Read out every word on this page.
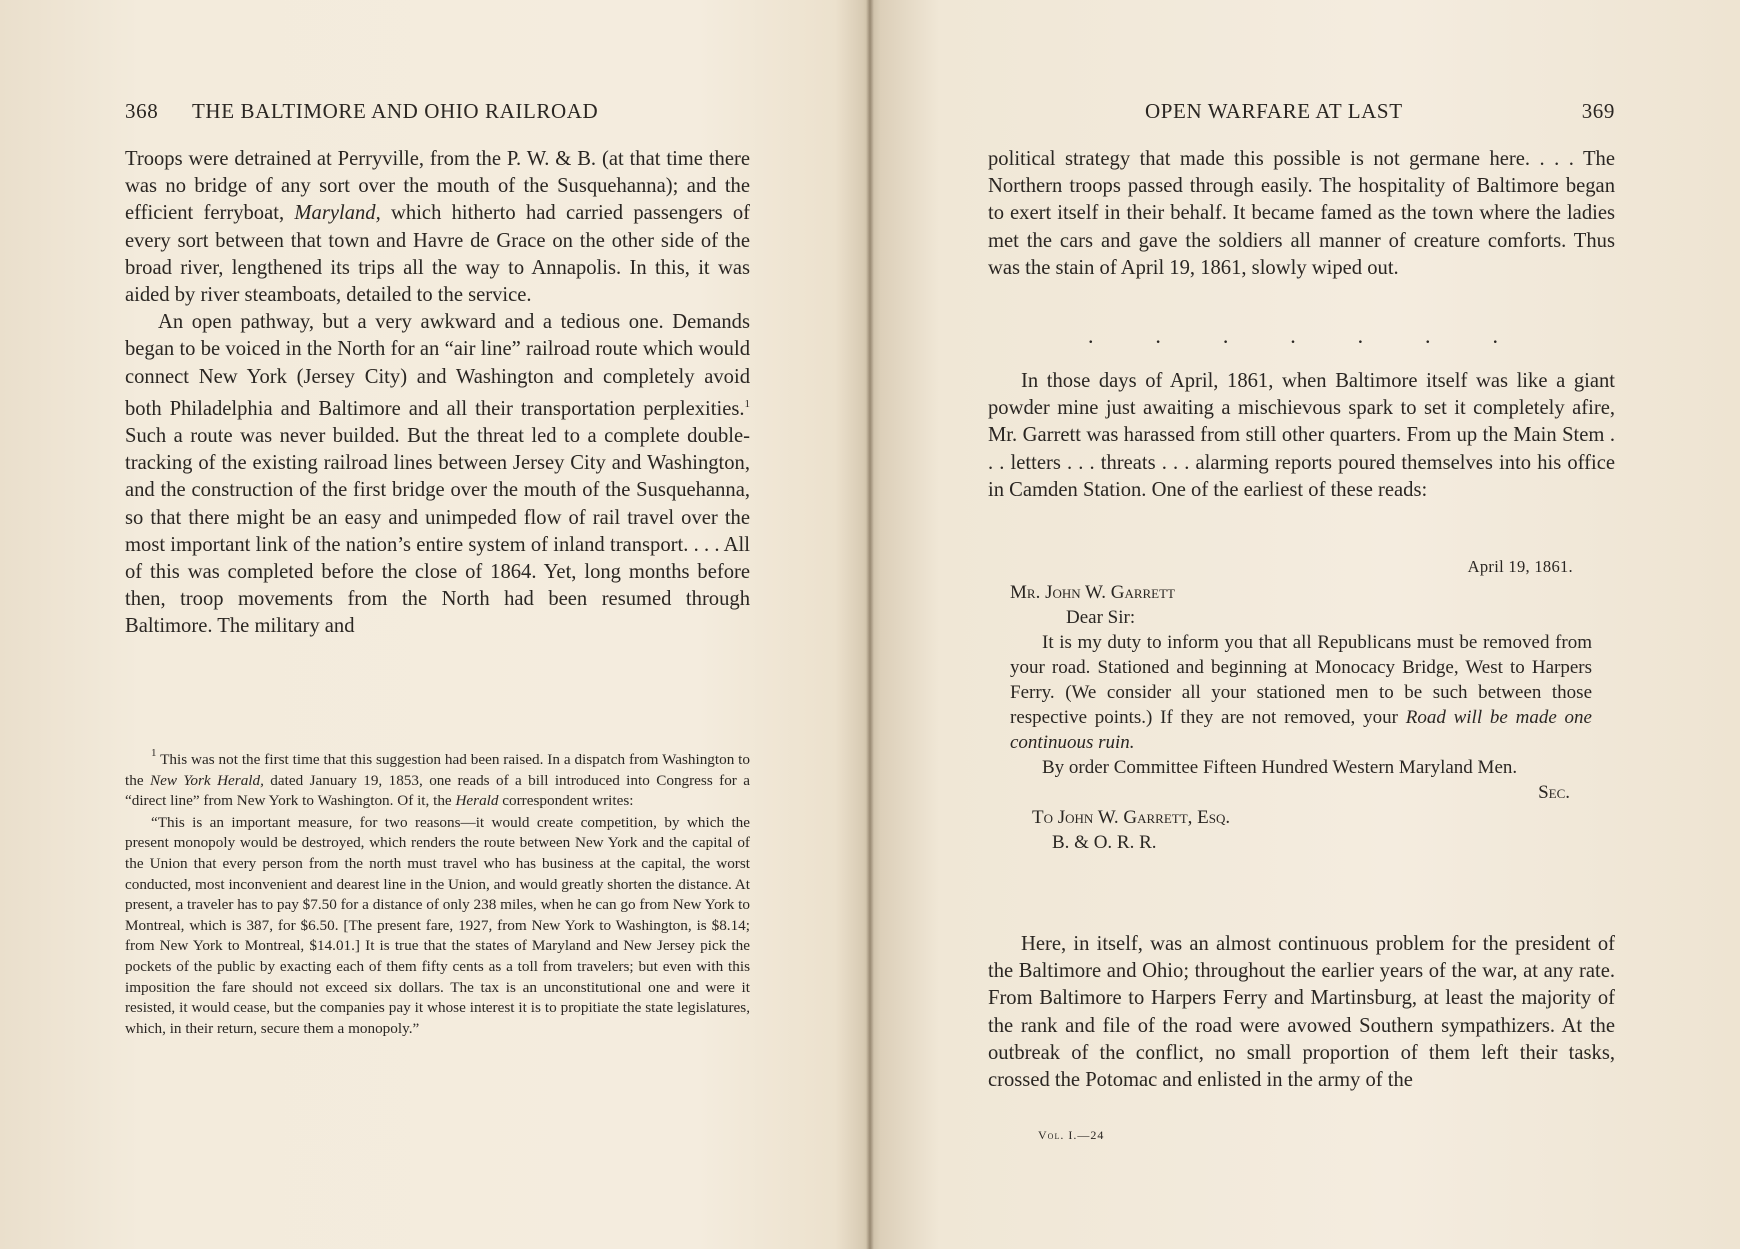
368 THE BALTIMORE AND OHIO RAILROAD

Troops were detrained at Perryville, from the P. W. & B. (at that time there was no bridge of any sort over the mouth of the Susquehanna); and the efficient ferryboat, Maryland, which hitherto had carried passengers of every sort between that town and Havre de Grace on the other side of the broad river, lengthened its trips all the way to Annapolis. In this, it was aided by river steamboats, detailed to the service.

An open pathway, but a very awkward and a tedious one. Demands began to be voiced in the North for an “air line” railroad route which would connect New York (Jersey City) and Washington and completely avoid both Philadelphia and Baltimore and all their transportation perplexities.$^1$ Such a route was never builded. But the threat led to a complete double-tracking of the existing railroad lines between Jersey City and Washington, and the construction of the first bridge over the mouth of the Susquehanna, so that there might be an easy and unimpeded flow of rail travel over the most important link of the nation’s entire system of inland transport. . . . All of this was completed before the close of 1864. Yet, long months before then, troop movements from the North had been resumed through Baltimore. The military and

$^1$ This was not the first time that this suggestion had been raised. In a dispatch from Washington to the New York Herald, dated January 19, 1853, one reads of a bill introduced into Congress for a “direct line” from New York to Washington. Of it, the Herald correspondent writes:

“This is an important measure, for two reasons—it would create competition, by which the present monopoly would be destroyed, which renders the route between New York and the capital of the Union that every person from the north must travel who has business at the capital, the worst conducted, most inconvenient and dearest line in the Union, and would greatly shorten the distance. At present, a traveler has to pay $7.50 for a distance of only 238 miles, when he can go from New York to Montreal, which is 387, for $6.50. [The present fare, 1927, from New York to Washington, is $8.14; from New York to Montreal, $14.01.] It is true that the states of Maryland and New Jersey pick the pockets of the public by exacting each of them fifty cents as a toll from travelers; but even with this imposition the fare should not exceed six dollars. The tax is an unconstitutional one and were it resisted, it would cease, but the companies pay it whose interest it is to propitiate the state legislatures, which, in their return, secure them a monopoly.”

OPEN WARFARE AT LAST	369

political strategy that made this possible is not germane here. . . . The Northern troops passed through easily. The hospitality of Baltimore began to exert itself in their behalf. It became famed as the town where the ladies met the cars and gave the soldiers all manner of creature comforts. Thus was the stain of April 19, 1861, slowly wiped out.

.	.	.	.	.	.	.

In those days of April, 1861, when Baltimore itself was like a giant powder mine just awaiting a mischievous spark to set it completely afire, Mr. Garrett was harassed from still other quarters. From up the Main Stem . . . letters . . . threats . . . alarming reports poured themselves into his office in Camden Station. One of the earliest of these reads:

April 19, 1861.
Mr. John W. Garrett
Dear Sir:
It is my duty to inform you that all Republicans must be removed from your road. Stationed and beginning at Monocacy Bridge, West to Harpers Ferry. (We consider all your stationed men to be such between those respective points.) If they are not removed, your Road will be made one continuous ruin.
By order Committee Fifteen Hundred Western Maryland Men.
Sec.
To John W. Garrett, Esq.
B. & O. R. R.

Here, in itself, was an almost continuous problem for the president of the Baltimore and Ohio; throughout the earlier years of the war, at any rate. From Baltimore to Harpers Ferry and Martinsburg, at least the majority of the rank and file of the road were avowed Southern sympathizers. At the outbreak of the conflict, no small proportion of them left their tasks, crossed the Potomac and enlisted in the army of the

Vol. I.—24
